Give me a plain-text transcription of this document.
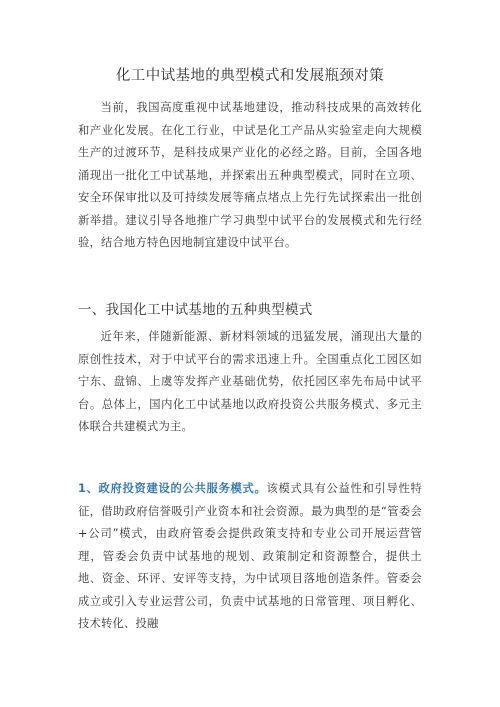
化工中试基地的典型模式和发展瓶颈对策

当前，我国高度重视中试基地建设，推动科技成果的高效转化和产业化发展。在化工行业，中试是化工产品从实验室走向大规模生产的过渡环节，是科技成果产业化的必经之路。目前，全国各地涌现出一批化工中试基地，并探索出五种典型模式，同时在立项、安全环保审批以及可持续发展等痛点堵点上先行先试探索出一批创新举措。建议引导各地推广学习典型中试平台的发展模式和先行经验，结合地方特色因地制宜建设中试平台。

一、我国化工中试基地的五种典型模式

近年来，伴随新能源、新材料领域的迅猛发展，涌现出大量的原创性技术，对于中试平台的需求迅速上升。全国重点化工园区如宁东、盘锦、上虞等发挥产业基础优势，依托园区率先布局中试平台。总体上，国内化工中试基地以政府投资公共服务模式、多元主体联合共建模式为主。

1、政府投资建设的公共服务模式。该模式具有公益性和引导性特征，借助政府信誉吸引产业资本和社会资源。最为典型的是“管委会+公司”模式，由政府管委会提供政策支持和专业公司开展运营管理，管委会负责中试基地的规划、政策制定和资源整合，提供土地、资金、环评、安评等支持，为中试项目落地创造条件。管委会成立或引入专业运营公司，负责中试基地的日常管理、项目孵化、技术转化、投融
